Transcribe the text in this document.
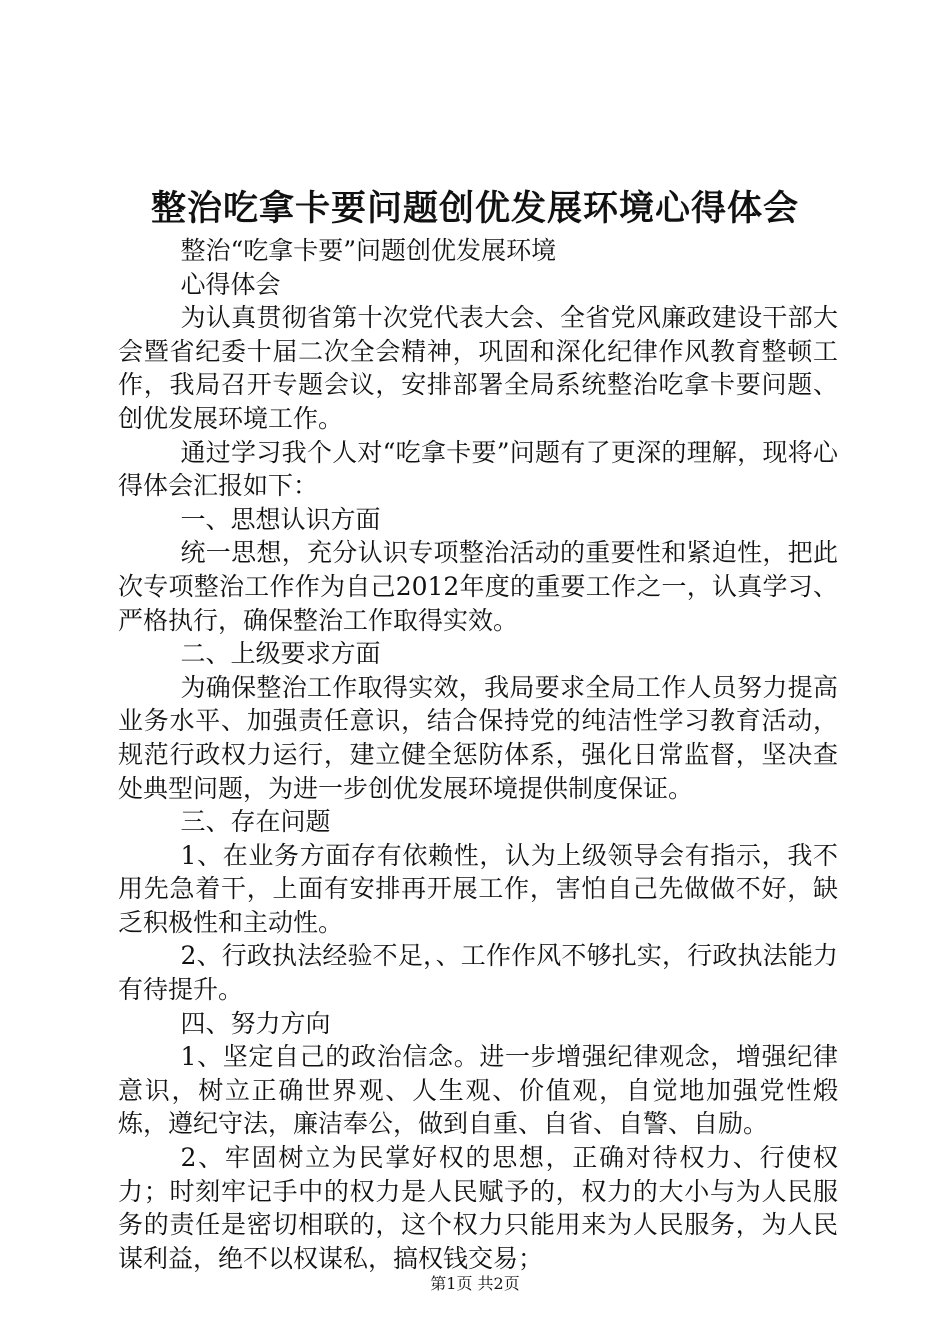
整治吃拿卡要问题创优发展环境心得体会

整治“吃拿卡要”问题创优发展环境

心得体会

为认真贯彻省第十次党代表大会、全省党风廉政建设干部大会暨省纪委十届二次全会精神，巩固和深化纪律作风教育整顿工作，我局召开专题会议，安排部署全局系统整治吃拿卡要问题、创优发展环境工作。

通过学习我个人对“吃拿卡要”问题有了更深的理解，现将心得体会汇报如下：

一、思想认识方面

统一思想，充分认识专项整治活动的重要性和紧迫性，把此次专项整治工作作为自己2012年度的重要工作之一，认真学习、严格执行，确保整治工作取得实效。

二、上级要求方面

为确保整治工作取得实效，我局要求全局工作人员努力提高业务水平、加强责任意识，结合保持党的纯洁性学习教育活动，规范行政权力运行，建立健全惩防体系，强化日常监督，坚决查处典型问题，为进一步创优发展环境提供制度保证。

三、存在问题

1、在业务方面存有依赖性，认为上级领导会有指示，我不用先急着干，上面有安排再开展工作，害怕自己先做做不好，缺乏积极性和主动性。

2、行政执法经验不足，、工作作风不够扎实，行政执法能力有待提升。

四、努力方向

1、坚定自己的政治信念。进一步增强纪律观念，增强纪律意识，树立正确世界观、人生观、价值观，自觉地加强党性煅炼，遵纪守法，廉洁奉公，做到自重、自省、自警、自励。

2、牢固树立为民掌好权的思想，正确对待权力、行使权力；时刻牢记手中的权力是人民赋予的，权力的大小与为人民服务的责任是密切相联的，这个权力只能用来为人民服务，为人民谋利益，绝不以权谋私，搞权钱交易；

第1页 共2页
